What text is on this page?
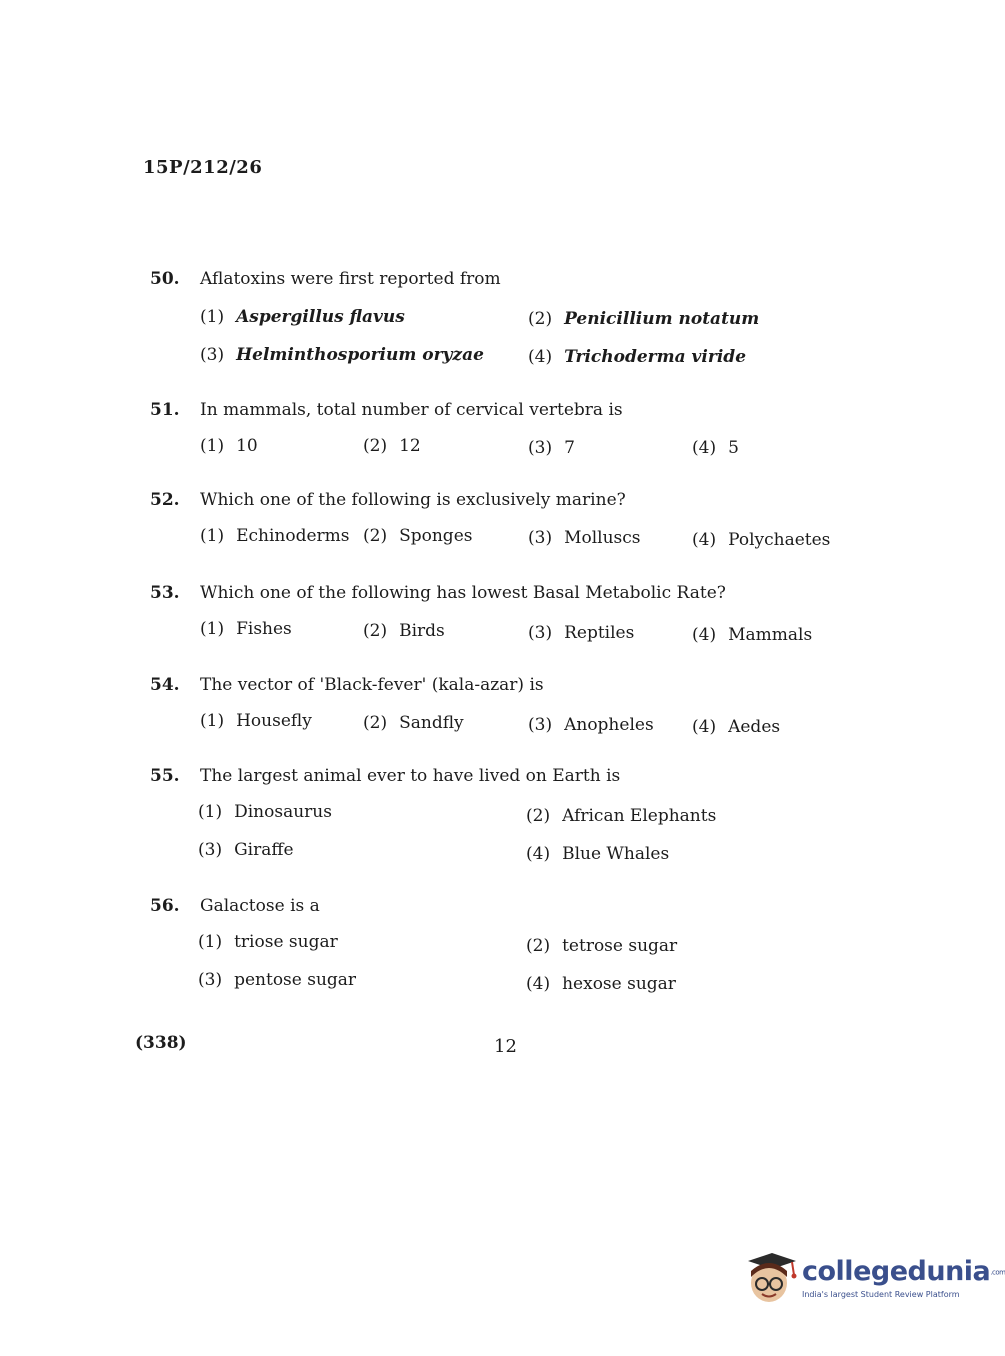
15P/212/26
50.	Aflatoxins were first reported from
(1) Aspergillus flavus	(2) Penicillium notatum
(3) Helminthosporium oryzae	(4) Trichoderma viride
51.	In mammals, total number of cervical vertebra is
(1) 10	(2) 12	(3) 7	(4) 5
52.	Which one of the following is exclusively marine?
(1) Echinoderms (2) Sponges	(3) Molluscs	(4) Polychaetes
53.	Which one of the following has lowest Basal Metabolic Rate?
(1) Fishes	(2) Birds	(3) Reptiles	(4) Mammals
54.	The vector of 'Black-fever' (kala-azar) is
(1) Housefly	(2) Sandfly	(3) Anopheles (4) Aedes
55.	The largest animal ever to have lived on Earth is
(1) Dinosaurus	(2) African Elephants
(3) Giraffe	(4) Blue Whales
56.	Galactose is a
(1) triose sugar	(2) tetrose sugar
(3) pentose sugar	(4) hexose sugar
(338)	12
collegedunia.com
India's largest Student Review Platform
